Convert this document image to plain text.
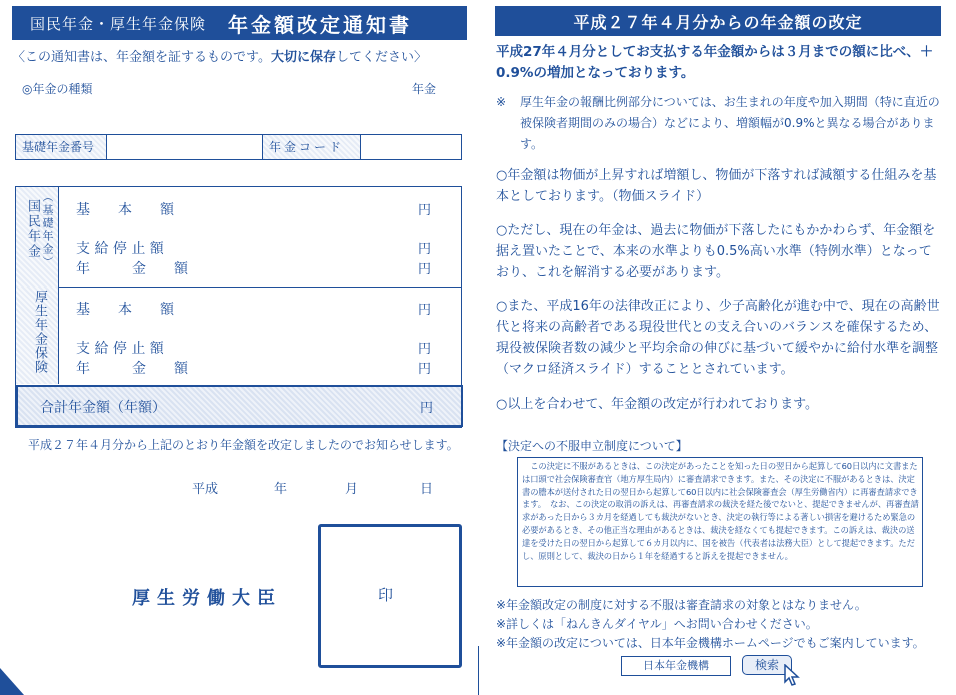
国民年金・厚生年金保険 年金額改定通知書
〈この通知書は、年金額を証するものです。大切に保存してください〉
◎年金の種類	年金
基礎年金番号	年金コード
国民年金 （基礎年金） 基　　本　　額	円
支 給 停 止 額	円
年　　　金　　額	円
厚生年金保険 基　　本　　額	円
支 給 停 止 額	円
年　　　金　　額	円
合計年金額（年額）	円
平成２７年４月分から上記のとおり年金額を改定しましたのでお知らせします。
平成	年	月	日
厚生労働大臣	印
平成２７年４月分からの年金額の改定
平成27年４月分としてお支払する年金額からは３月までの額に比べ、＋0.9%の増加となっております。
※ 厚生年金の報酬比例部分については、お生まれの年度や加入期間（特に直近の被保険者期間のみの場合）などにより、増額幅が0.9%と異なる場合があります。
○年金額は物価が上昇すれば増額し、物価が下落すれば減額する仕組みを基本としております。（物価スライド）
○ただし、現在の年金は、過去に物価が下落したにもかかわらず、年金額を据え置いたことで、本来の水準よりも0.5%高い水準（特例水準）となっており、これを解消する必要があります。
○また、平成16年の法律改正により、少子高齢化が進む中で、現在の高齢世代と将来の高齢者である現役世代との支え合いのバランスを確保するため、現役被保険者数の減少と平均余命の伸びに基づいて緩やかに給付水準を調整（マクロ経済スライド）することとされています。
○以上を合わせて、年金額の改定が行われております。
【決定への不服申立制度について】
　この決定に不服があるときは、この決定があったことを知った日の翌日から起算して60日以内に文書または口頭で社会保険審査官（地方厚生局内）に審査請求できます。また、その決定に不服があるときは、決定書の謄本が送付された日の翌日から起算して60日以内に社会保険審査会（厚生労働省内）に再審査請求できます。　なお、この決定の取消の訴えは、再審査請求の裁決を経た後でないと、提起できませんが、再審査請求があった日から３カ月を経過しても裁決がないとき、決定の執行等による著しい損害を避けるため緊急の必要があるとき、その他正当な理由があるときは、裁決を経なくても提起できます。この訴えは、裁決の送達を受けた日の翌日から起算して６カ月以内に、国を被告（代表者は法務大臣）として提起できます。ただし、原則として、裁決の日から１年を経過すると訴えを提起できません。
※年金額改定の制度に対する不服は審査請求の対象とはなりません。
※詳しくは「ねんきんダイヤル」へお問い合わせください。
※年金額の改定については、日本年金機構ホームページでもご案内しています。
日本年金機構	検索
